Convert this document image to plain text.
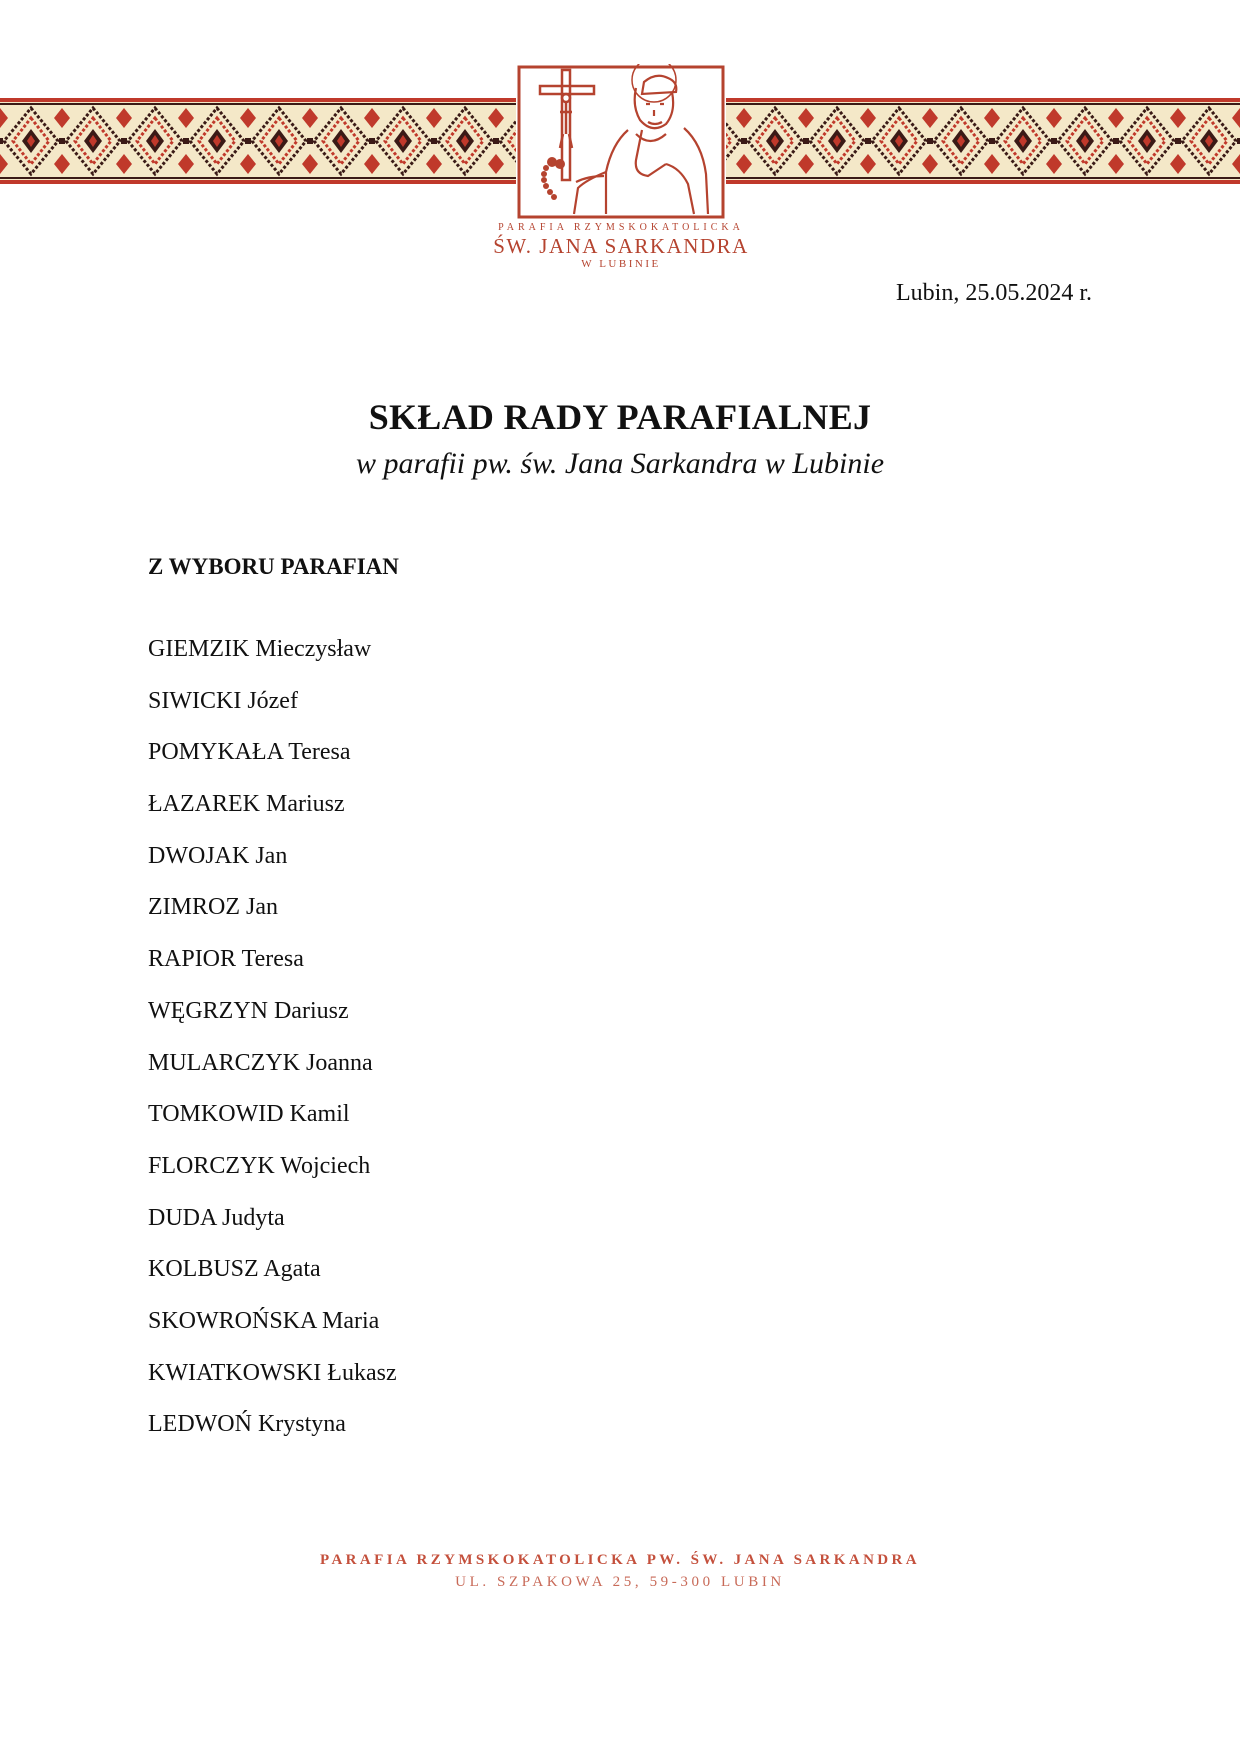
PARAFIA RZYMSKOKATOLICKA
ŚW. JANA SARKANDRA
W LUBINIE
Lubin, 25.05.2024 r.
SKŁAD RADY PARAFIALNEJ
w parafii pw. św. Jana Sarkandra w Lubinie
Z WYBORU PARAFIAN
GIEMZIK Mieczysław
SIWICKI Józef
POMYKAŁA Teresa
ŁAZAREK Mariusz
DWOJAK Jan
ZIMROZ Jan
RAPIOR Teresa
WĘGRZYN Dariusz
MULARCZYK Joanna
TOMKOWID Kamil
FLORCZYK Wojciech
DUDA Judyta
KOLBUSZ Agata
SKOWROŃSKA Maria
KWIATKOWSKI Łukasz
LEDWOŃ Krystyna
PARAFIA RZYMSKOKATOLICKA PW. ŚW. JANA SARKANDRA
UL. SZPAKOWA 25, 59-300 LUBIN
